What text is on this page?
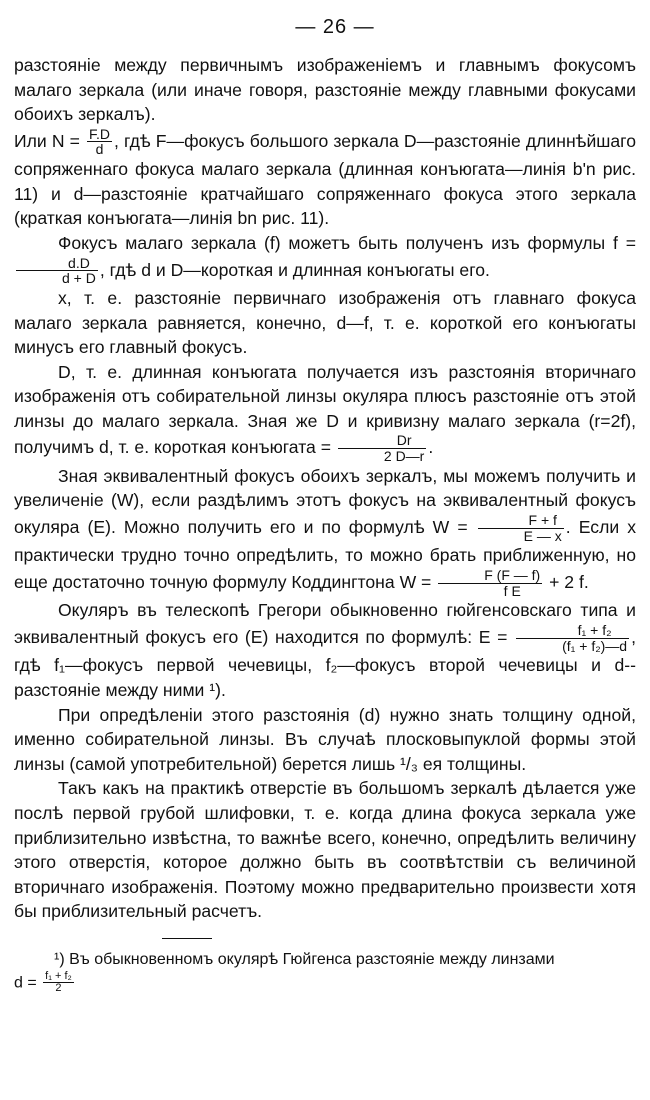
— 26 —

разстояніе между первичнымъ изображеніемъ и главнымъ фокусомъ малаго зеркала (или иначе говоря, разстояніе между главными фокусами обоихъ зеркалъ).

Или $N = \frac{F.D}{d}$ , гдѣ F—фокусъ большого зеркала D—разстояніе длиннѣйшаго сопряженнаго фокуса малаго зеркала (длинная конъюгата—линія b'n рис. 11) и d—разстояніе кратчайшаго сопряженнаго фокуса этого зеркала (краткая конъюгата—линія bn рис. 11).

Фокусъ малаго зеркала (f) можетъ быть полученъ изъ формулы f =
$\frac{d.D}{d + D}$ , гдѣ d и D—короткая и длинная конъюгаты его.

x, т. е. разстояніе первичнаго изображенія отъ главнаго фокуса малаго зеркала равняется, конечно, d—f, т. е. короткой его конъюгаты минусъ его главный фокусъ.

D, т. е. длинная конъюгата получается изъ разстоянія вторичнаго изображенія отъ собирательной линзы окуляра плюсъ разстояніе отъ этой линзы до малаго зеркала. Зная же D и кривизну малаго зеркала (r=2f), получимъ d, т. е. короткая конъюгата = $\frac{Dr}{2 D—r}$ .

Зная эквивалентный фокусъ обоихъ зеркалъ, мы можемъ получить и увеличеніе (W), если раздѣлимъ этотъ фокусъ на эквивалентный фокусъ окуляра (E). Можно получить его и по формулѣ $W = \frac{F + f}{E — x}$ . Если x практически трудно точно опредѣлить, то можно брать приближенную, но еще достаточно точную формулу Коддингтона $W = \frac{F (F — f)}{\text{f E}} + 2$ f.

Окуляръ въ телескопѣ Грегори обыкновенно гюйгенсовскаго типа и эквивалентный фокусъ его (E) находится по формулѣ: $E = \frac{\text{f₁ + f₂}}{\text{(f₁ + f₂)—d}}$ , гдѣ f₁—фокусъ первой чечевицы, f₂—фокусъ второй чечевицы и d--разстояніе между ними ¹).

При опредѣленіи этого разстоянія (d) нужно знать толщину одной, именно собирательной линзы. Въ случаѣ плосковыпуклой формы этой линзы (самой употребительной) берется лишь ¹/₃ ея толщины.

Такъ какъ на практикѣ отверстіе въ большомъ зеркалѣ дѣлается уже послѣ первой грубой шлифовки, т. е. когда длина фокуса зеркала уже приблизительно извѣстна, то важнѣе всего, конечно, опредѣлить величину этого отверстія, которое должно быть въ соотвѣтствіи съ величиной вторичнаго изображенія. Поэтому можно предварительно произвести хотя бы приблизительный расчетъ.

¹) Въ обыкновенномъ окулярѣ Гюйгенса разстояніе между линзами

$d = \frac{\text{f₁ + f₂}}{2}$
